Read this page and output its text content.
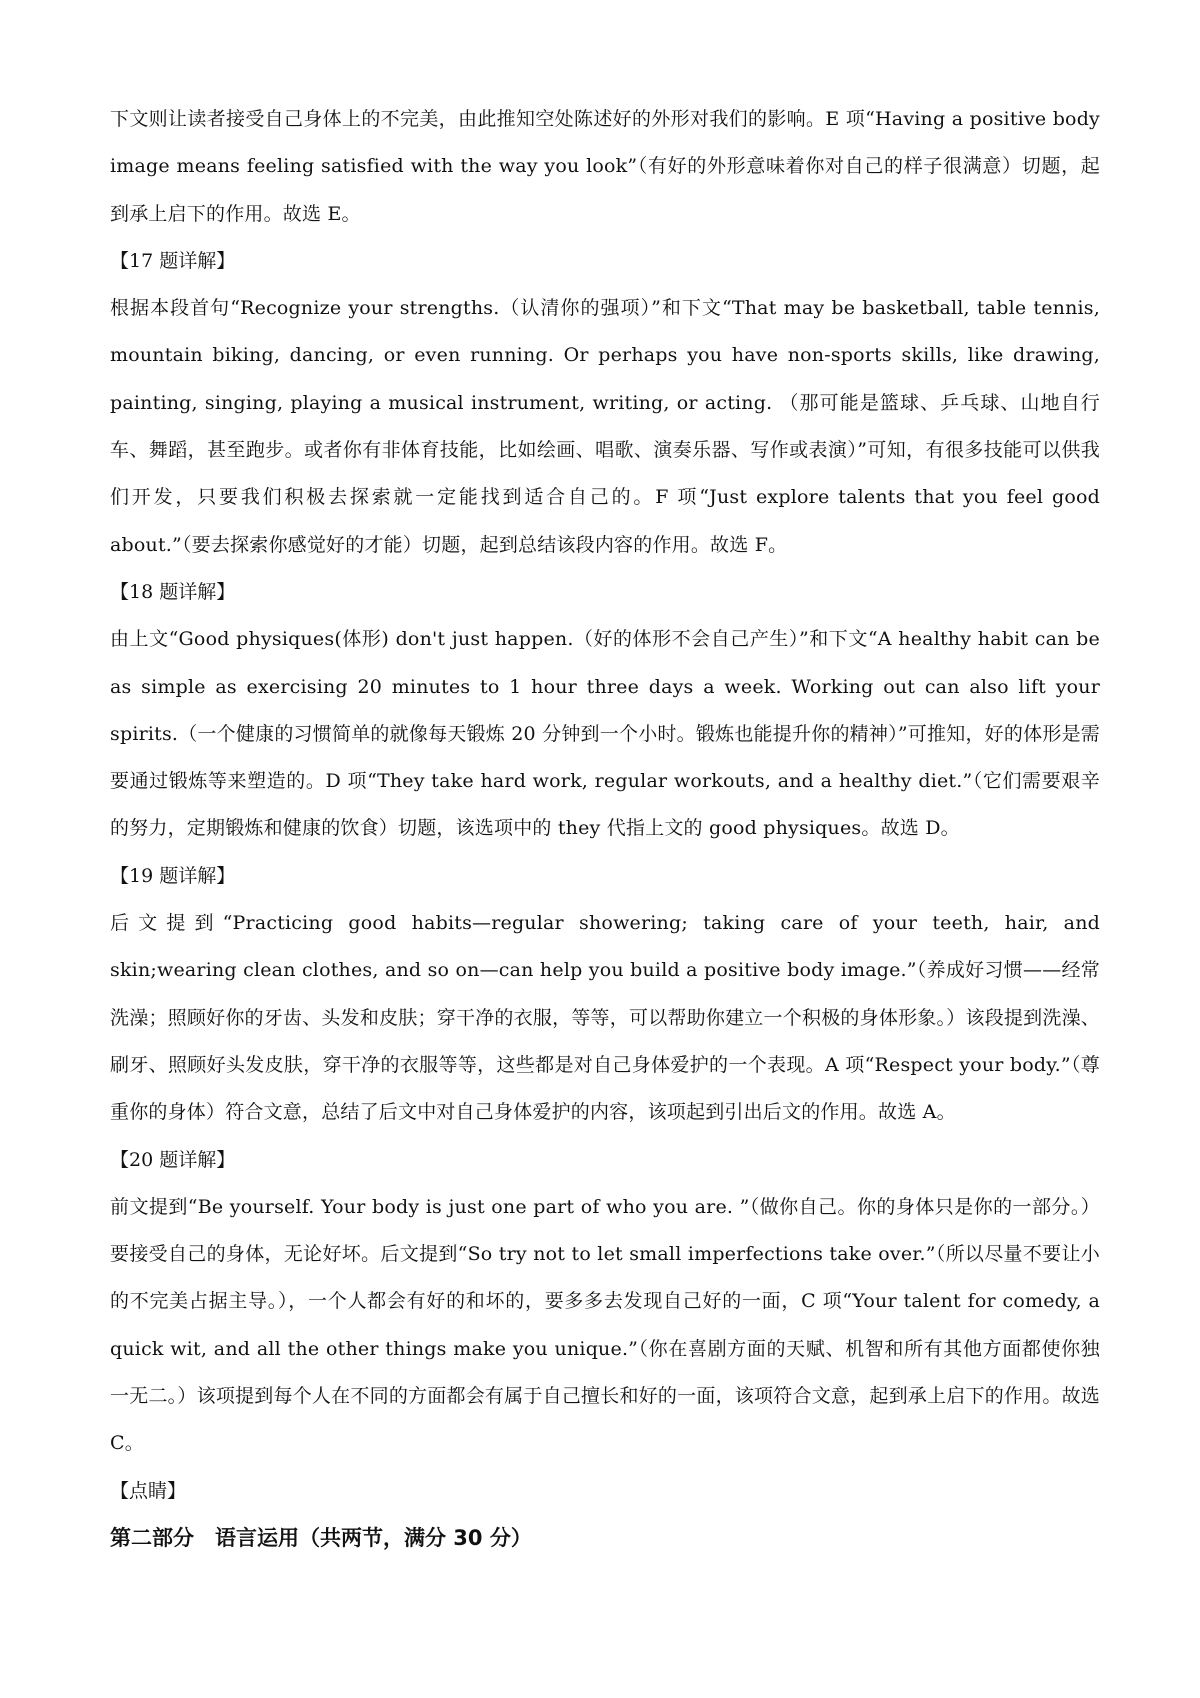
下文则让读者接受自己身体上的不完美，由此推知空处陈述好的外形对我们的影响。E 项“Having a positive body image means feeling satisfied with the way you look”（有好的外形意味着你对自己的样子很满意）切题，起到承上启下的作用。故选 E。

【17 题详解】

根据本段首句“Recognize your strengths.（认清你的强项）”和下文“That may be basketball, table tennis, mountain biking, dancing, or even running. Or perhaps you have non-sports skills, like drawing, painting, singing, playing a musical instrument, writing, or acting. （那可能是篮球、乒乓球、山地自行车、舞蹈，甚至跑步。或者你有非体育技能，比如绘画、唱歌、演奏乐器、写作或表演）”可知，有很多技能可以供我们开发，只要我们积极去探索就一定能找到适合自己的。F 项“Just explore talents that you feel good about.”（要去探索你感觉好的才能）切题，起到总结该段内容的作用。故选 F。

【18 题详解】

由上文“Good physiques(体形) don't just happen.（好的体形不会自己产生）”和下文“A healthy habit can be as simple as exercising 20 minutes to 1 hour three days a week. Working out can also lift your spirits.（一个健康的习惯简单的就像每天锻炼 20 分钟到一个小时。锻炼也能提升你的精神）”可推知，好的体形是需要通过锻炼等来塑造的。D 项“They take hard work, regular workouts, and a healthy diet.”（它们需要艰辛的努力，定期锻炼和健康的饮食）切题，该选项中的 they 代指上文的 good physiques。故选 D。

【19 题详解】

后文提到“Practicing good habits—regular showering; taking care of your teeth, hair, and skin;wearing clean clothes, and so on—can help you build a positive body image.”（养成好习惯——经常洗澡；照顾好你的牙齿、头发和皮肤；穿干净的衣服，等等，可以帮助你建立一个积极的身体形象。）该段提到洗澡、刷牙、照顾好头发皮肤，穿干净的衣服等等，这些都是对自己身体爱护的一个表现。A 项“Respect your body.”（尊重你的身体）符合文意，总结了后文中对自己身体爱护的内容，该项起到引出后文的作用。故选 A。

【20 题详解】

前文提到“Be yourself. Your body is just one part of who you are. ”（做你自己。你的身体只是你的一部分。）要接受自己的身体，无论好坏。后文提到“So try not to let small imperfections take over.”（所以尽量不要让小的不完美占据主导。），一个人都会有好的和坏的，要多多去发现自己好的一面，C 项“Your talent for comedy, a quick wit, and all the other things make you unique.”（你在喜剧方面的天赋、机智和所有其他方面都使你独一无二。）该项提到每个人在不同的方面都会有属于自己擅长和好的一面，该项符合文意，起到承上启下的作用。故选 C。

【点睛】

第二部分　语言运用（共两节，满分 30 分）
